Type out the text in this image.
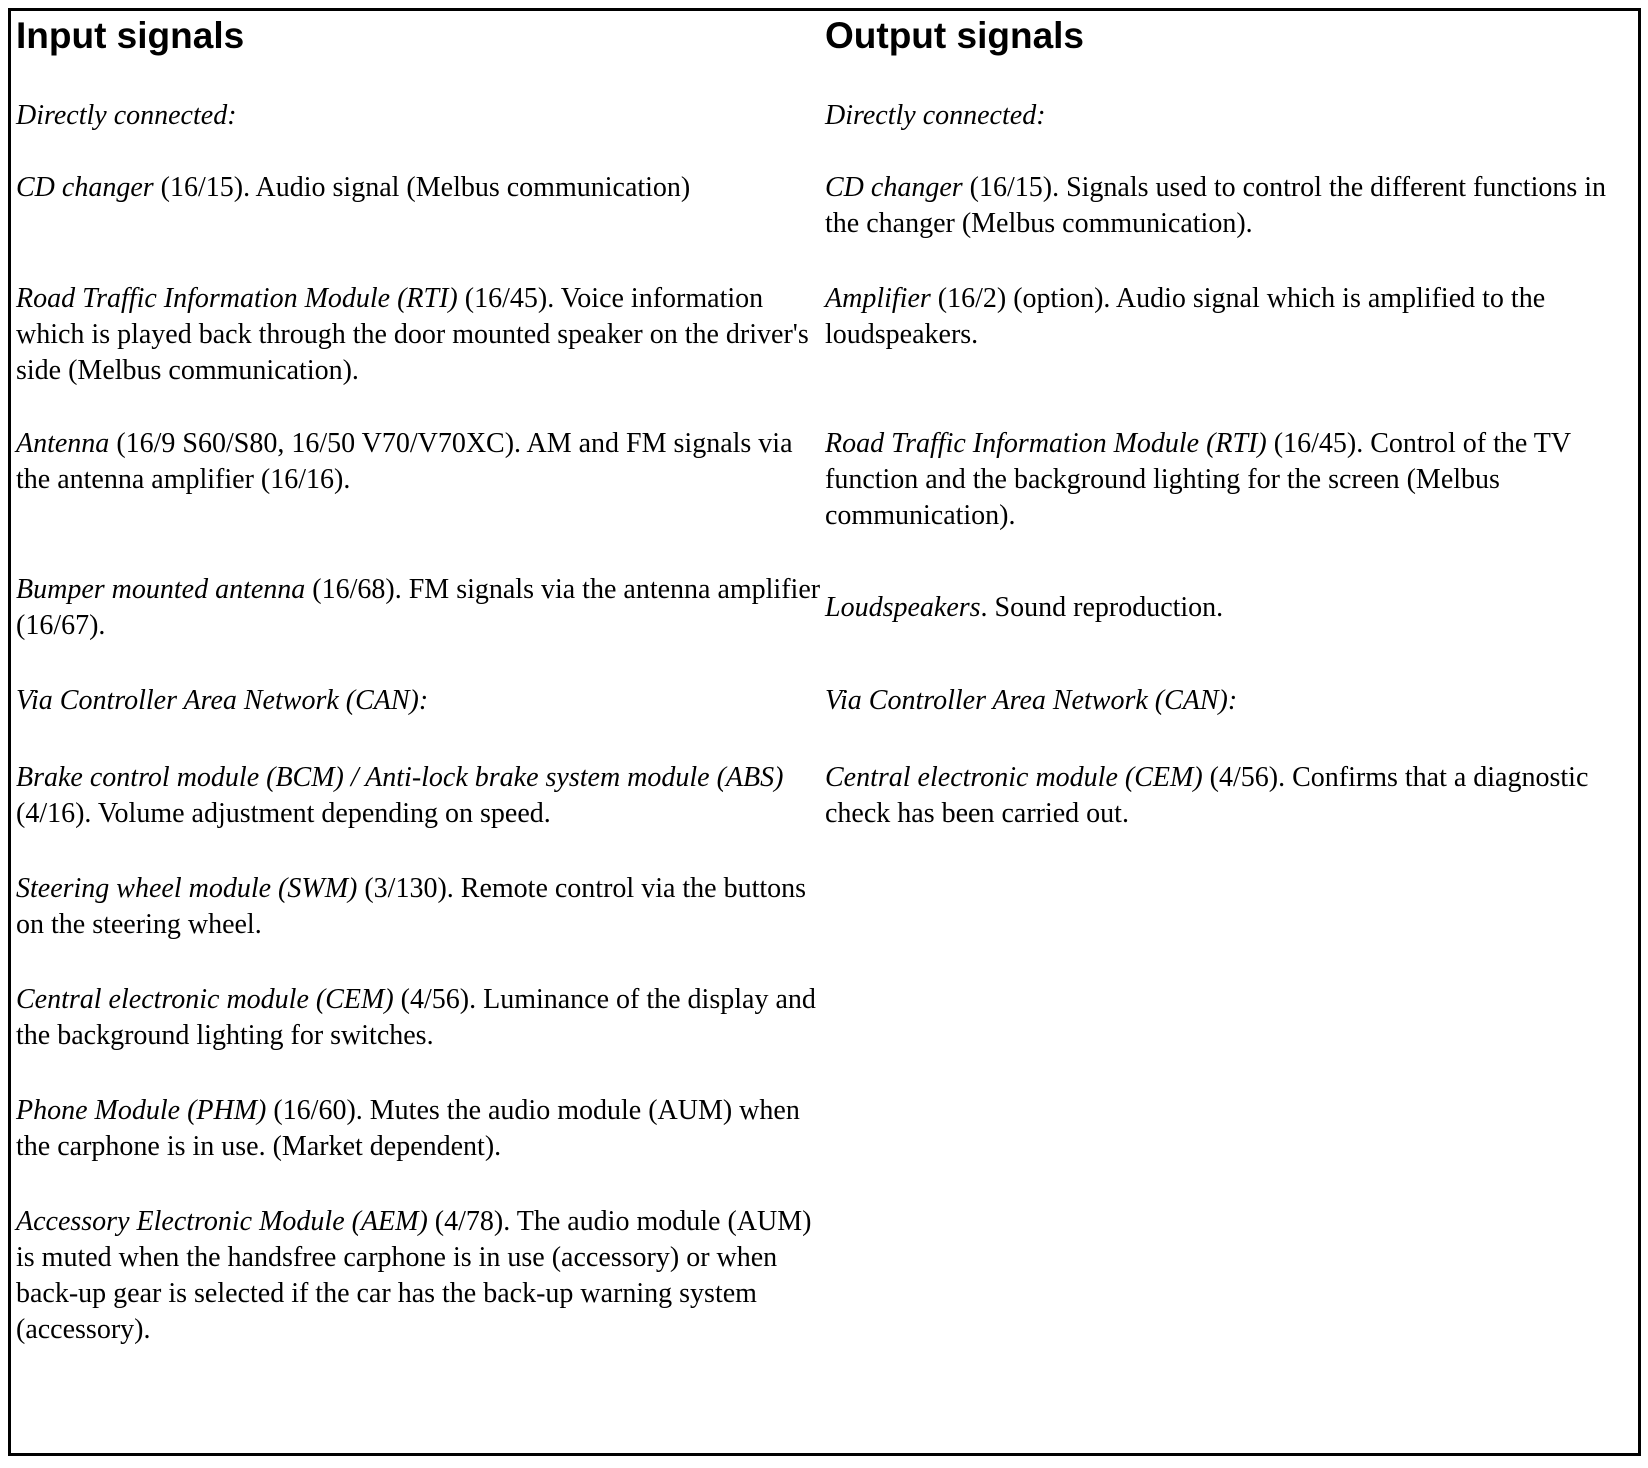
Input signals
Directly connected:
CD changer (16/15). Audio signal (Melbus communication)
Road Traffic Information Module (RTI) (16/45). Voice information which is played back through the door mounted speaker on the driver's side (Melbus communication).
Antenna (16/9 S60/S80, 16/50 V70/V70XC). AM and FM signals via the antenna amplifier (16/16).
Bumper mounted antenna (16/68). FM signals via the antenna amplifier (16/67).
Via Controller Area Network (CAN):
Brake control module (BCM) / Anti-lock brake system module (ABS) (4/16). Volume adjustment depending on speed.
Steering wheel module (SWM) (3/130). Remote control via the buttons on the steering wheel.
Central electronic module (CEM) (4/56). Luminance of the display and the background lighting for switches.
Phone Module (PHM) (16/60). Mutes the audio module (AUM) when the carphone is in use. (Market dependent).
Accessory Electronic Module (AEM) (4/78). The audio module (AUM) is muted when the handsfree carphone is in use (accessory) or when back-up gear is selected if the car has the back-up warning system (accessory).
Output signals
Directly connected:
CD changer (16/15). Signals used to control the different functions in the changer (Melbus communication).
Amplifier (16/2) (option). Audio signal which is amplified to the loudspeakers.
Road Traffic Information Module (RTI) (16/45). Control of the TV function and the background lighting for the screen (Melbus communication).
Loudspeakers. Sound reproduction.
Via Controller Area Network (CAN):
Central electronic module (CEM) (4/56). Confirms that a diagnostic check has been carried out.
